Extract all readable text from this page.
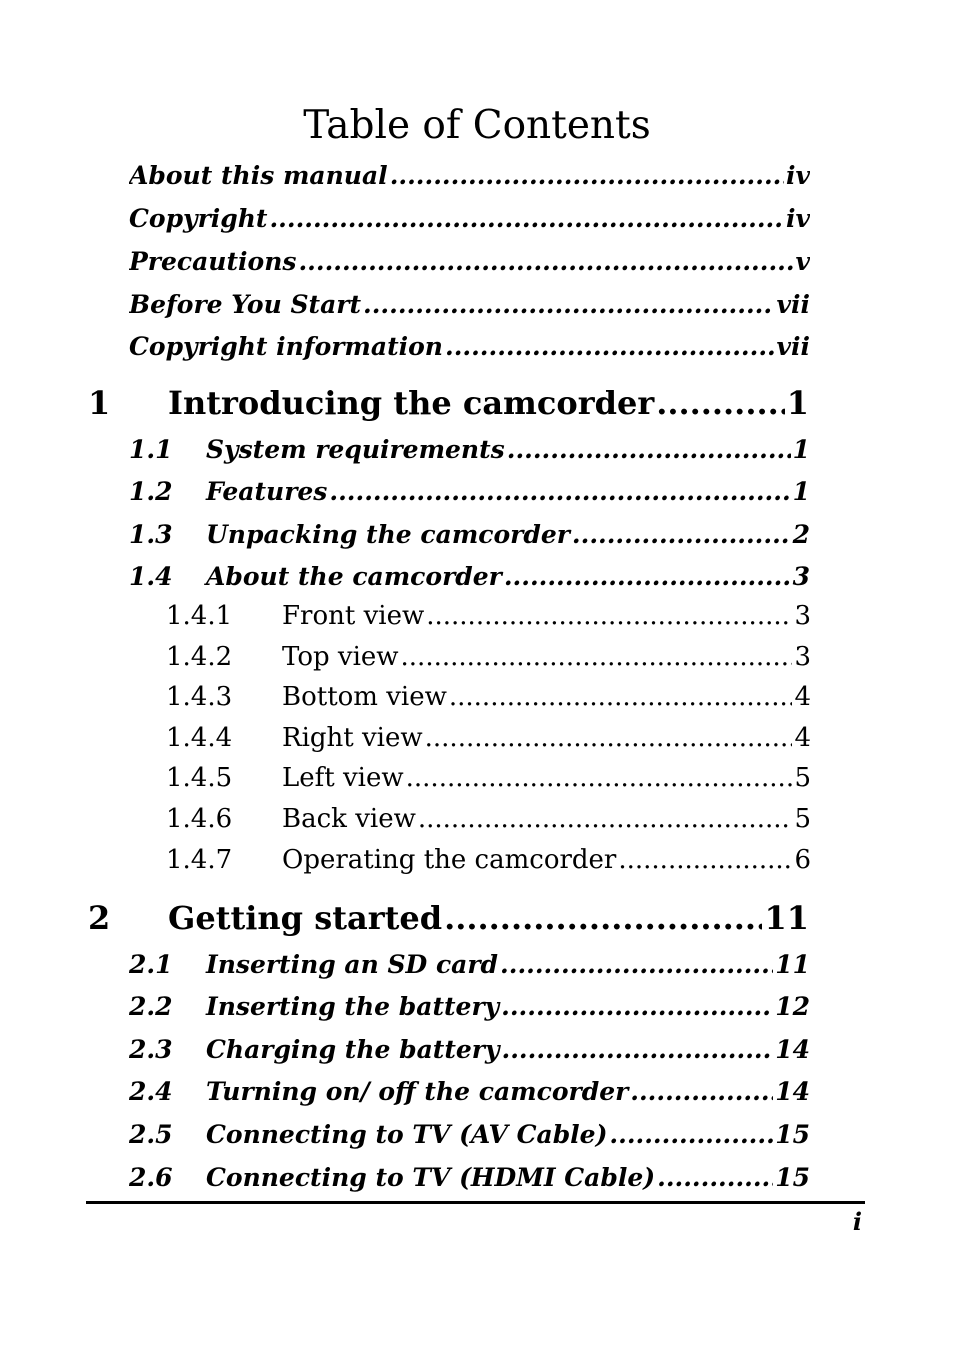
Table of Contents
About this manual .....	iv
Copyright .....	iv
Precautions .....	v
Before You Start .....	vii
Copyright information .....	vii
1	Introducing the camcorder .....	1
1.1	System requirements .....	1
1.2	Features .....	1
1.3	Unpacking the camcorder .....	2
1.4	About the camcorder .....	3
1.4.1	Front view .....	3
1.4.2	Top view .....	3
1.4.3	Bottom view .....	4
1.4.4	Right view .....	4
1.4.5	Left view .....	5
1.4.6	Back view .....	5
1.4.7	Operating the camcorder .....	6
2	Getting started .....	11
2.1	Inserting an SD card .....	11
2.2	Inserting the battery .....	12
2.3	Charging the battery .....	14
2.4	Turning on/ off the camcorder .....	14
2.5	Connecting to TV (AV Cable) .....	15
2.6	Connecting to TV (HDMI Cable) .....	15
i
